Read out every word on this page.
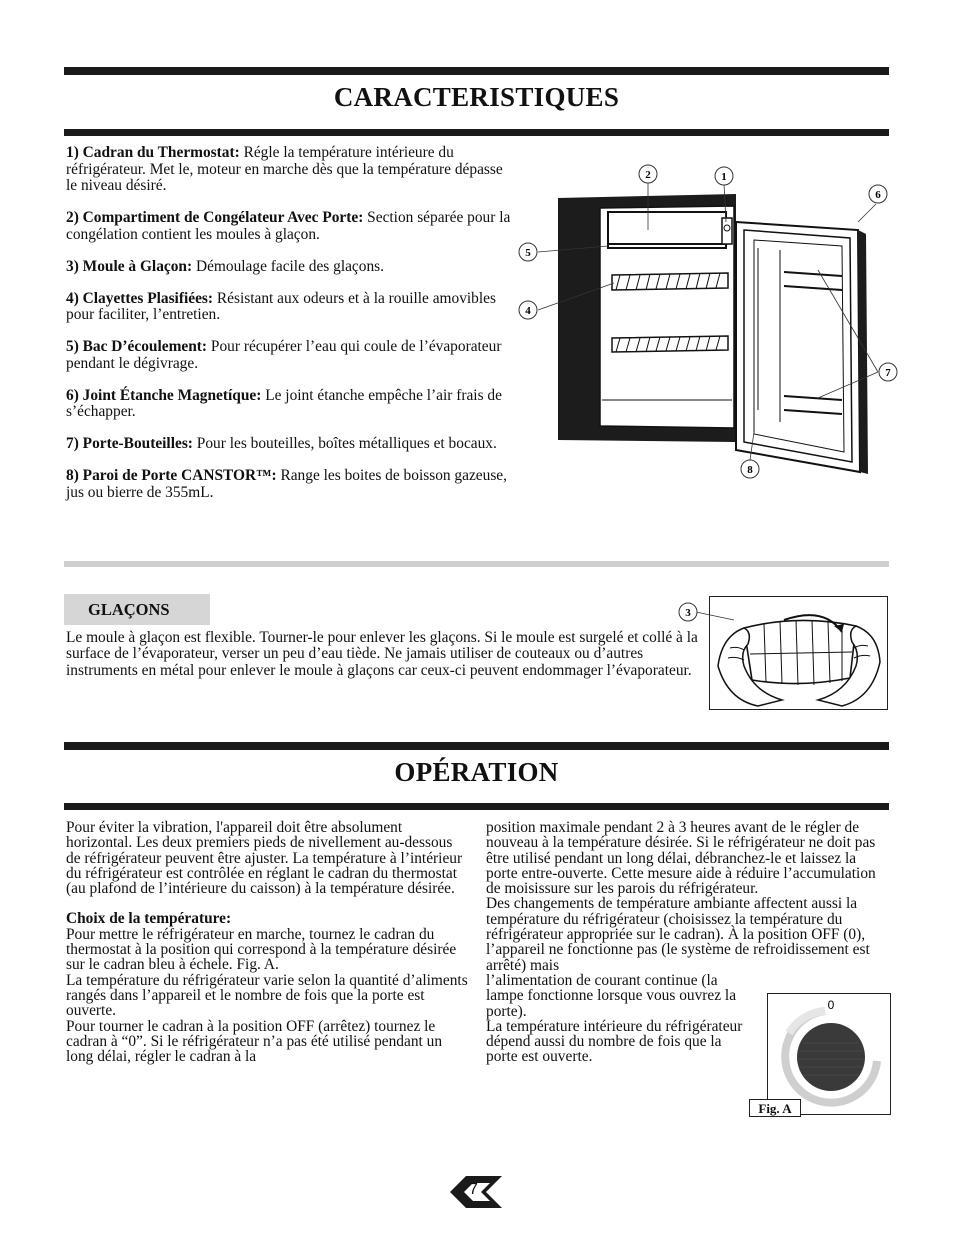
CARACTERISTIQUES

1) Cadran du Thermostat: Régle la température intérieure du réfrigérateur. Met le, moteur en marche dès que la température dépasse le niveau désiré.

2) Compartiment de Congélateur Avec Porte: Section séparée pour la congélation contient les moules à glaçon.

3) Moule à Glaçon: Démoulage facile des glaçons.

4) Clayettes Plasifiées: Résistant aux odeurs et à la rouille amovibles pour faciliter, l’entretien.

5) Bac D’écoulement: Pour récupérer l’eau qui coule de l’évaporateur pendant le dégivrage.

6) Joint Étanche Magnetíque: Le joint étanche empêche l’air frais de s’échapper.

7) Porte-Bouteilles: Pour les bouteilles, boîtes métalliques et bocaux.

8) Paroi de Porte CANSTOR™: Range les boites de boisson gazeuse, jus ou bierre de 355mL.

1
2
4
5
6
7
8
GLAÇONS

Le moule à glaçon est flexible. Tourner-le pour enlever les glaçons. Si le moule est surgelé et collé à la surface de l’évaporateur, verser un peu d’eau tiède. Ne jamais utiliser de couteaux ou d’autres instruments en métal pour enlever le moule à glaçons car ceux-ci peuvent endommager l’évaporateur.

3
OPÉRATION

Pour éviter la vibration, l'appareil doit être absolument horizontal. Les deux premiers pieds de nivellement au-dessous de réfrigérateur peuvent être ajuster. La température à l’intérieur du réfrigérateur est contrôlée en réglant le cadran du thermostat (au plafond de l’intérieure du caisson) à la température désirée.

Choix de la température:

Pour mettre le réfrigérateur en marche, tournez le cadran du thermostat à la position qui correspond à la température désirée sur le cadran bleu à échele. Fig. A.

La température du réfrigérateur varie selon la quantité d’aliments rangés dans l’appareil et le nombre de fois que la porte est ouverte.

Pour tourner le cadran à la position OFF (arrêtez) tournez le cadran à “0”. Si le réfrigérateur n’a pas été utilisé pendant un long délai, régler le cadran à la

position maximale pendant 2 à 3 heures avant de le régler de nouveau à la température désirée. Si le réfrigérateur ne doit pas être utilisé pendant un long délai, débranchez-le et laissez la porte entre-ouverte. Cette mesure aide à réduire l’accumulation de moisissure sur les parois du réfrigérateur.

Des changements de température ambiante affectent aussi la température du réfrigérateur (choisissez la température du réfrigérateur appropriée sur le cadran). À la position OFF (0), l’appareil ne fonctionne pas (le système de refroidissement est arrêté) mais

l’alimentation de courant continue (la lampe fonctionne lorsque vous ouvrez la porte).

La température intérieure du réfrigérateur dépend aussi du nombre de fois que la porte est ouverte.

0
Fig. A
7
